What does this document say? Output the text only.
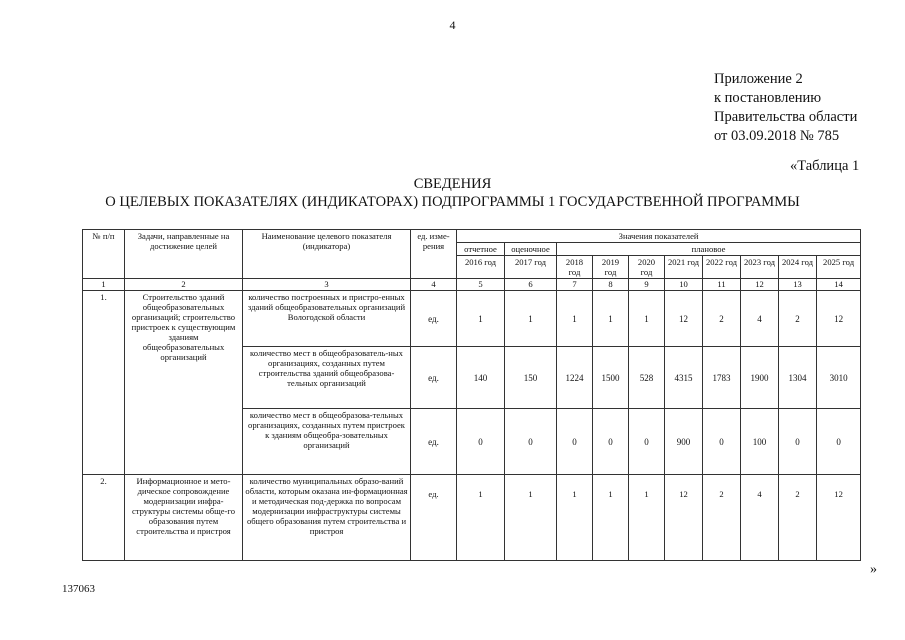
4
Приложение 2
к постановлению
Правительства области
от 03.09.2018 № 785
«Таблица 1
СВЕДЕНИЯ
О ЦЕЛЕВЫХ ПОКАЗАТЕЛЯХ (ИНДИКАТОРАХ) ПОДПРОГРАММЫ 1 ГОСУДАРСТВЕННОЙ ПРОГРАММЫ
№ п/п	Задачи, направленные на достижение целей	Наименование целевого показателя (индикатора)	ед. изме-рения	Значения показателей									
				отчетное	оценочное	плановое							
				2016 год	2017 год	2018 год	2019 год	2020 год	2021 год	2022 год	2023 год	2024 год	2025 год
1	2	3	4	5	6	7	8	9	10	11	12	13	14
1.	Строительство зданий общеобразовательных организаций; строительство пристроек к существующим зданиям общеобразовательных организаций	количество построенных и пристро-енных зданий общеобразовательных организаций Вологодской области	ед.	1	1	1	1	1	12	2	4	2	12
		количество мест в общеобразователь-ных организациях, созданных путем строительства зданий общеобразова-тельных организаций	ед.	140	150	1224	1500	528	4315	1783	1900	1304	3010
		количество мест в общеобразова-тельных организациях, созданных путем пристроек к зданиям общеобра-зовательных организаций	ед.	0	0	0	0	0	900	0	100	0	0
2.	Информационное и мето-дическое сопровождение модернизации инфра-структуры системы обще-го образования путем строительства и пристроя	количество муниципальных образо-ваний области, которым оказана ин-формационная и методическая под-держка по вопросам модернизации инфраструктуры системы общего образования путем строительства и пристроя	ед.	1	1	1	1	1	12	2	4	2	12
»
137063
